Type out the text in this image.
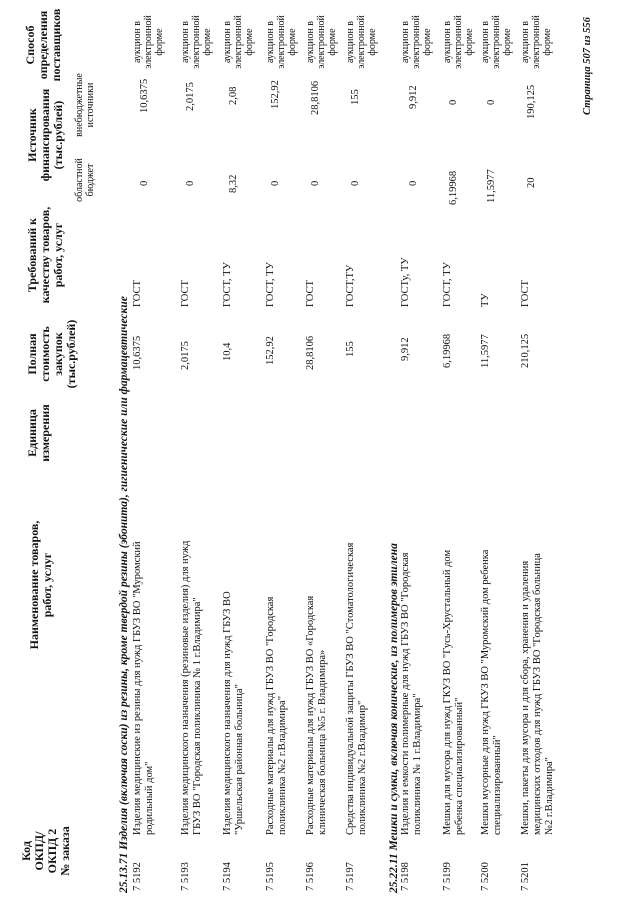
Код ОКПД/ ОКПД 2 № заказа
Наименование товаров, работ, услуг
Единица измерения
Полная стоимость закупок (тыс.рублей)
Требований к качеству товаров, работ, услуг
Источник финансирования (тыс.рублей)
областной бюджет
внебюджетные источники
Способ определения поставщиков
25.13.71 Изделия (включая соски) из резины, кроме твердой резины (эбонита), гигиенические или фармацевтические 7 5192
Изделия медицинские из резины для нужд ГБУЗ ВО "Муромский родильный дом"
10,6375
ГОСТ
0
10,6375
аукцион в электронной форме
7 5193
Изделия медицинского назначения (резиновые изделия) для нужд ГБУЗ ВО "Городская поликлиника № 1 г.Владимира"
2,0175
ГОСТ
0
2,0175
аукцион в электронной форме
7 5194
Изделия медицинского назначения для нужд ГБУЗ ВО "Уршельская районная больница"
10,4
ГОСТ, ТУ
8,32
2,08
аукцион в электронной форме
7 5195
Расходные материалы для нужд ГБУЗ ВО "Городская поликлиника №2 г.Владимира"
152,92
ГОСТ, ТУ
0
152,92
аукцион в электронной форме
7 5196
Расходные материалы для нужд ГБУЗ ВО «Городская клиническая больница №5 г. Владимира»
28,8106
ГОСТ
0
28,8106
аукцион в электронной форме
7 5197
Средства индивидуальной защиты ГБУЗ ВО "Стоматологическая поликлиника №2 г.Владимир"
155
ГОСТ,ТУ
0
155
аукцион в электронной форме
25.22.11 Мешки и сумки, включая конические, из полимеров этилена 7 5198
Изделия и емкости полимерные для нужд ГБУЗ ВО "Городская поликлиника № 1 г.Владимира"
9,912
ГОСТу, ТУ
0
9,912
аукцион в электронной форме
7 5199
Мешки для мусора для нужд ГКУЗ ВО "Гусь-Хрустальный дом ребенка специализированный"
6,19968
ГОСТ, ТУ
6,19968
0
аукцион в электронной форме
7 5200
Мешки мусорные для нужд ГКУЗ ВО "Муромский дом ребенка специализированный"
11,5977
ТУ
11,5977
0
аукцион в электронной форме
7 5201
Мешки, пакеты для мусора и для сбора, хранения и удаления медицинских отходов для нужд ГБУЗ ВО "Городская больница №2 г.Владимира"
210,125
ГОСТ
20
190,125
аукцион в электронной форме	Страница 507 из 556
